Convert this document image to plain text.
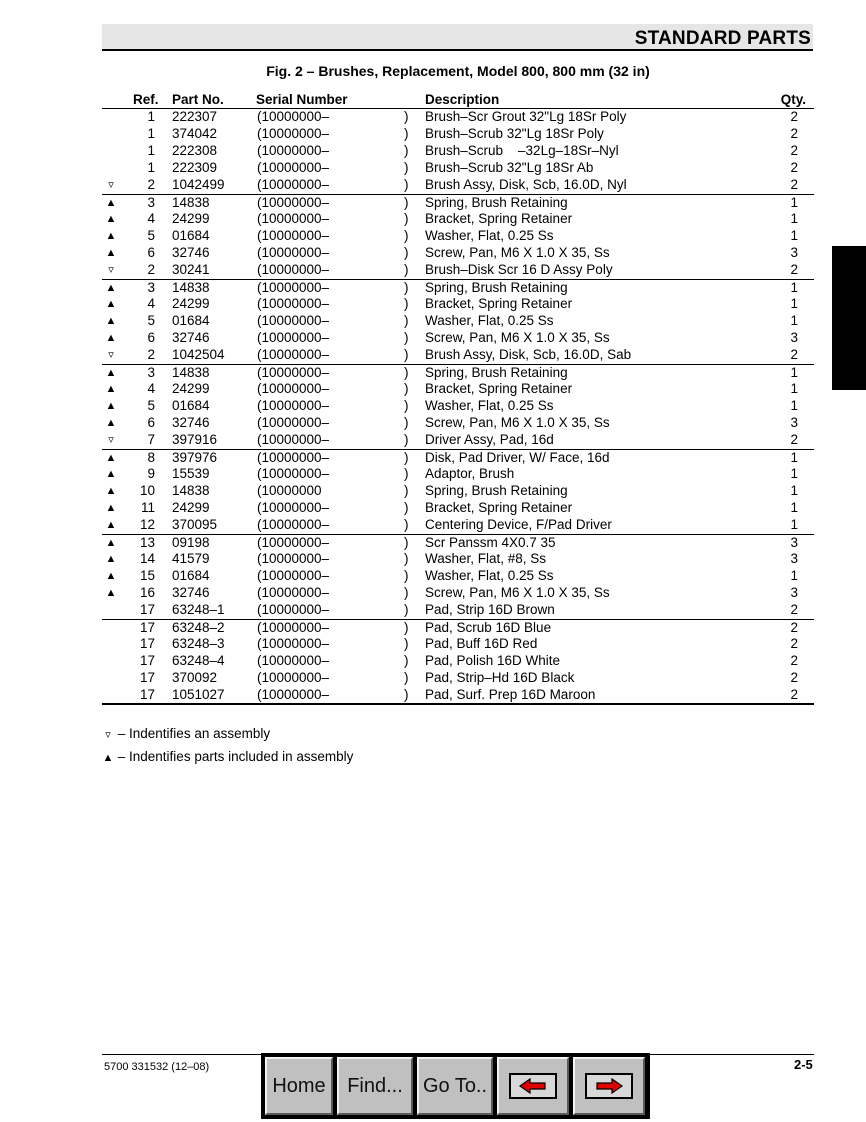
STANDARD PARTS
Fig. 2 – Brushes, Replacement, Model 800, 800 mm (32 in)
Ref. Part No. Serial Number	Description	Qty.
1 222307	(10000000–	) Brush–Scr Grout 32"Lg 18Sr Poly	2
1 374042	(10000000–	) Brush–Scrub 32"Lg 18Sr Poly	2
1 222308	(10000000–	) Brush–Scrub    –32Lg–18Sr–Nyl	2
1 222309	(10000000–	) Brush–Scrub 32"Lg 18Sr Ab	2
▿	2 1042499 (10000000–	) Brush Assy, Disk, Scb, 16.0D, Nyl	2
▲	3 14838	(10000000–	) Spring, Brush Retaining	1
▲	4 24299	(10000000–	) Bracket, Spring Retainer	1
▲	5 01684	(10000000–	) Washer, Flat, 0.25 Ss	1
▲	6 32746	(10000000–	) Screw, Pan, M6 X 1.0 X 35, Ss	3
▿	2 30241	(10000000–	) Brush–Disk Scr 16 D Assy Poly	2
▲	3 14838	(10000000–	) Spring, Brush Retaining	1
▲	4 24299	(10000000–	) Bracket, Spring Retainer	1
▲	5 01684	(10000000–	) Washer, Flat, 0.25 Ss	1
▲	6 32746	(10000000–	) Screw, Pan, M6 X 1.0 X 35, Ss	3
▿	2 1042504 (10000000–	) Brush Assy, Disk, Scb, 16.0D, Sab	2
▲	3 14838	(10000000–	) Spring, Brush Retaining	1
▲	4 24299	(10000000–	) Bracket, Spring Retainer	1
▲	5 01684	(10000000–	) Washer, Flat, 0.25 Ss	1
▲	6 32746	(10000000–	) Screw, Pan, M6 X 1.0 X 35, Ss	3
▿	7 397916	(10000000–	) Driver Assy, Pad, 16d	2
▲	8 397976	(10000000–	) Disk, Pad Driver, W/ Face, 16d	1
▲	9 15539	(10000000–	) Adaptor, Brush	1
▲	10 14838	(10000000	) Spring, Brush Retaining	1
▲	11 24299	(10000000–	) Bracket, Spring Retainer	1
▲	12 370095	(10000000–	) Centering Device, F/Pad Driver	1
▲	13 09198	(10000000–	) Scr Panssm 4X0.7 35	3
▲	14 41579	(10000000–	) Washer, Flat, #8, Ss	3
▲	15 01684	(10000000–	) Washer, Flat, 0.25 Ss	1
▲	16 32746	(10000000–	) Screw, Pan, M6 X 1.0 X 35, Ss	3
17 63248–1 (10000000–	) Pad, Strip 16D Brown	2
17 63248–2 (10000000–	) Pad, Scrub 16D Blue	2
17 63248–3 (10000000–	) Pad, Buff 16D Red	2
17 63248–4 (10000000–	) Pad, Polish 16D White	2
17 370092	(10000000–	) Pad, Strip–Hd 16D Black	2
17 1051027 (10000000–	) Pad, Surf. Prep 16D Maroon	2
▿ – Indentifies an assembly
▲ – Indentifies parts included in assembly
5700 331532 (12–08)	2-5
Home	Find...	Go To..
